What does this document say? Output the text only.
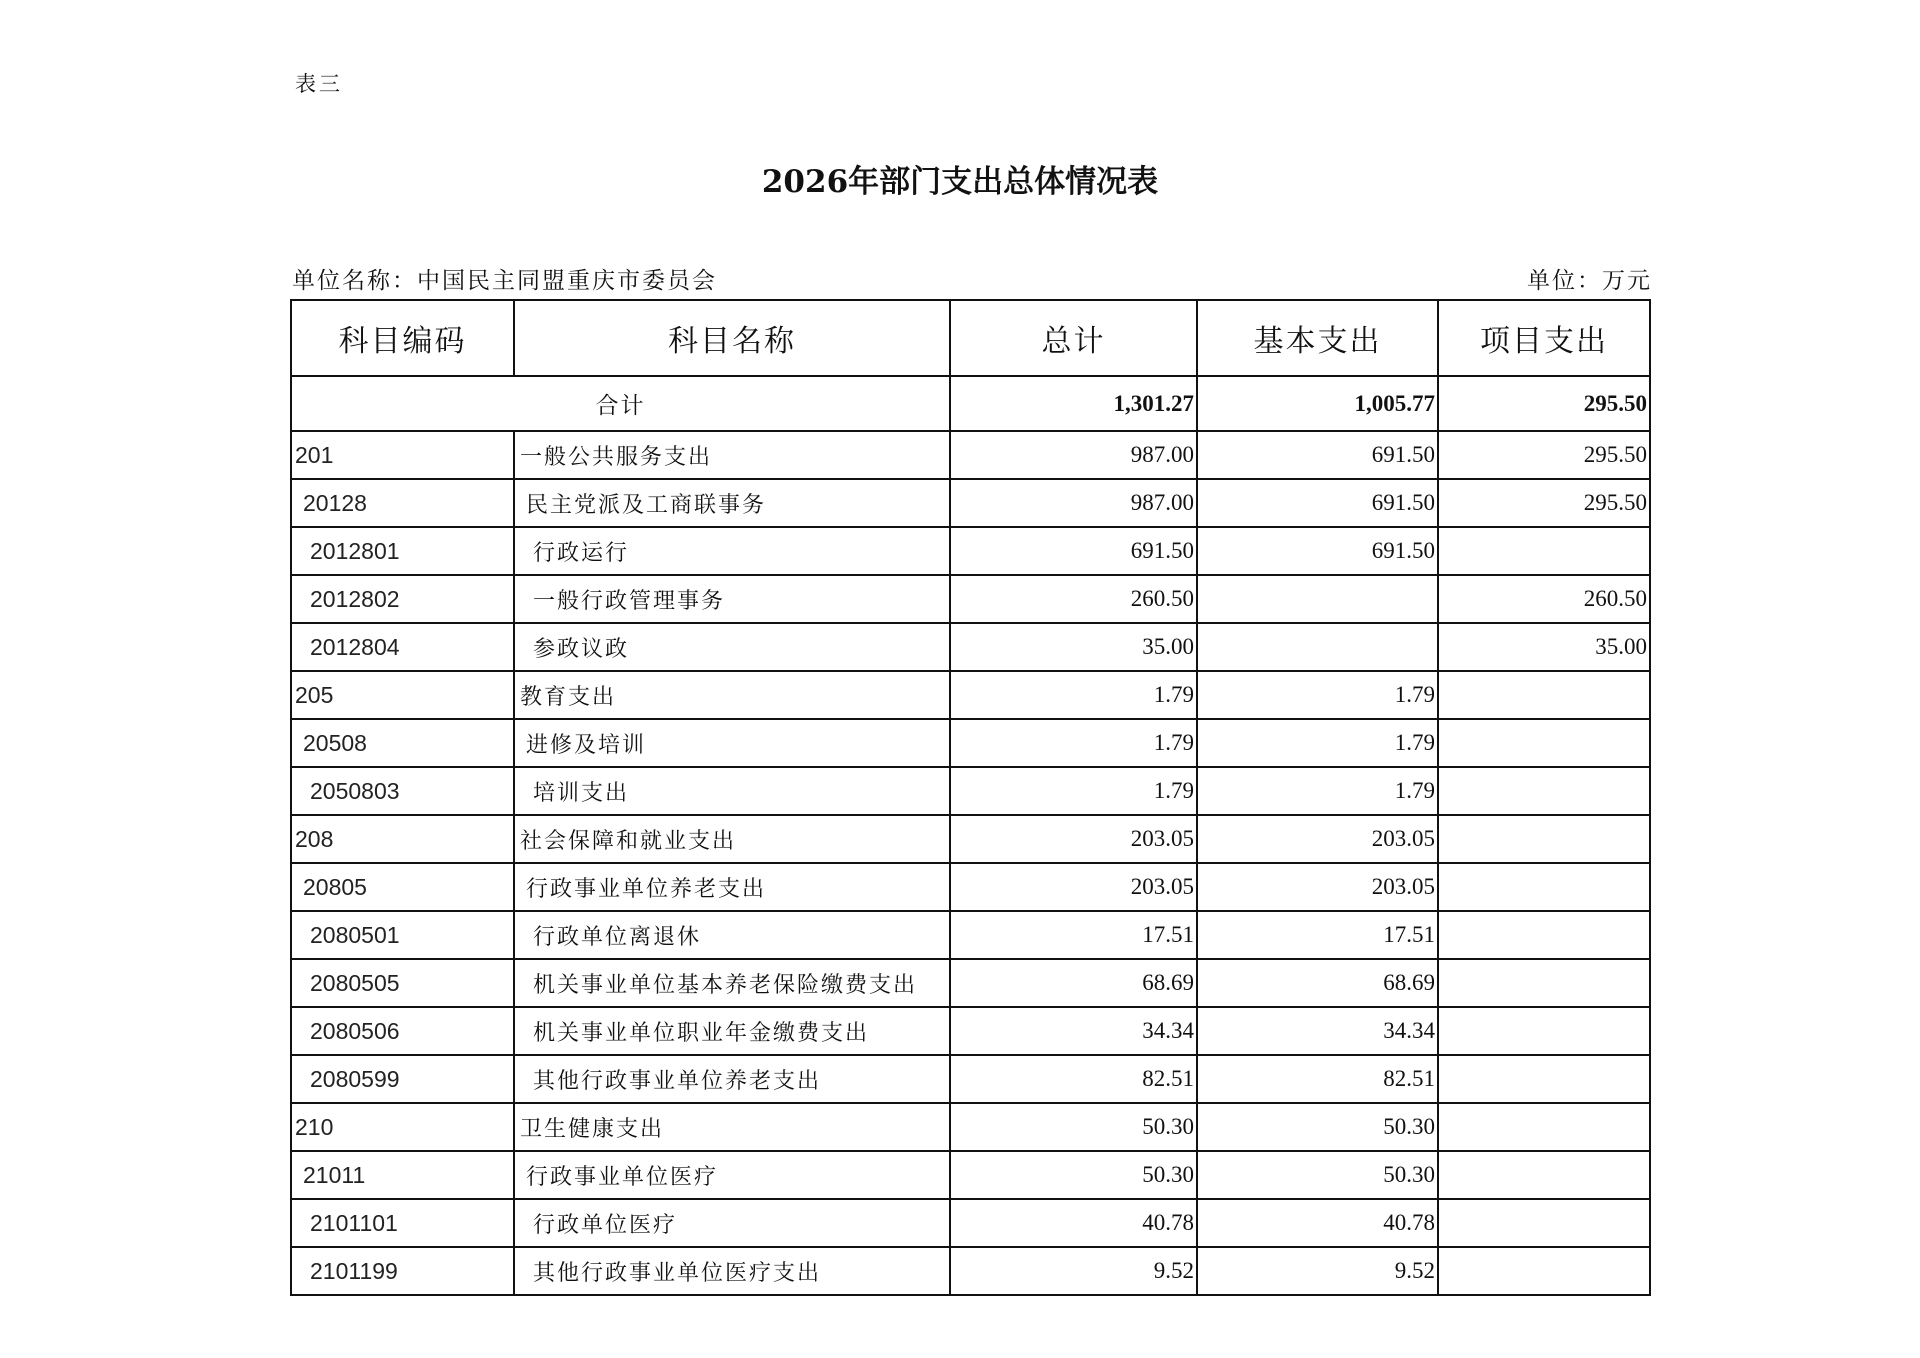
表三
2026年部门支出总体情况表
单位名称：中国民主同盟重庆市委员会	单位：万元
科目编码	科目名称	总计	基本支出	项目支出
合计		1,301.27	1,005.77	295.50
201	一般公共服务支出	987.00	691.50	295.50
20128	民主党派及工商联事务	987.00	691.50	295.50
2012801	行政运行	691.50	691.50	
2012802	一般行政管理事务	260.50		260.50
2012804	参政议政	35.00		35.00
205	教育支出	1.79	1.79	
20508	进修及培训	1.79	1.79	
2050803	培训支出	1.79	1.79	
208	社会保障和就业支出	203.05	203.05	
20805	行政事业单位养老支出	203.05	203.05	
2080501	行政单位离退休	17.51	17.51	
2080505	机关事业单位基本养老保险缴费支出	68.69	68.69	
2080506	机关事业单位职业年金缴费支出	34.34	34.34	
2080599	其他行政事业单位养老支出	82.51	82.51	
210	卫生健康支出	50.30	50.30	
21011	行政事业单位医疗	50.30	50.30	
2101101	行政单位医疗	40.78	40.78	
2101199	其他行政事业单位医疗支出	9.52	9.52	
